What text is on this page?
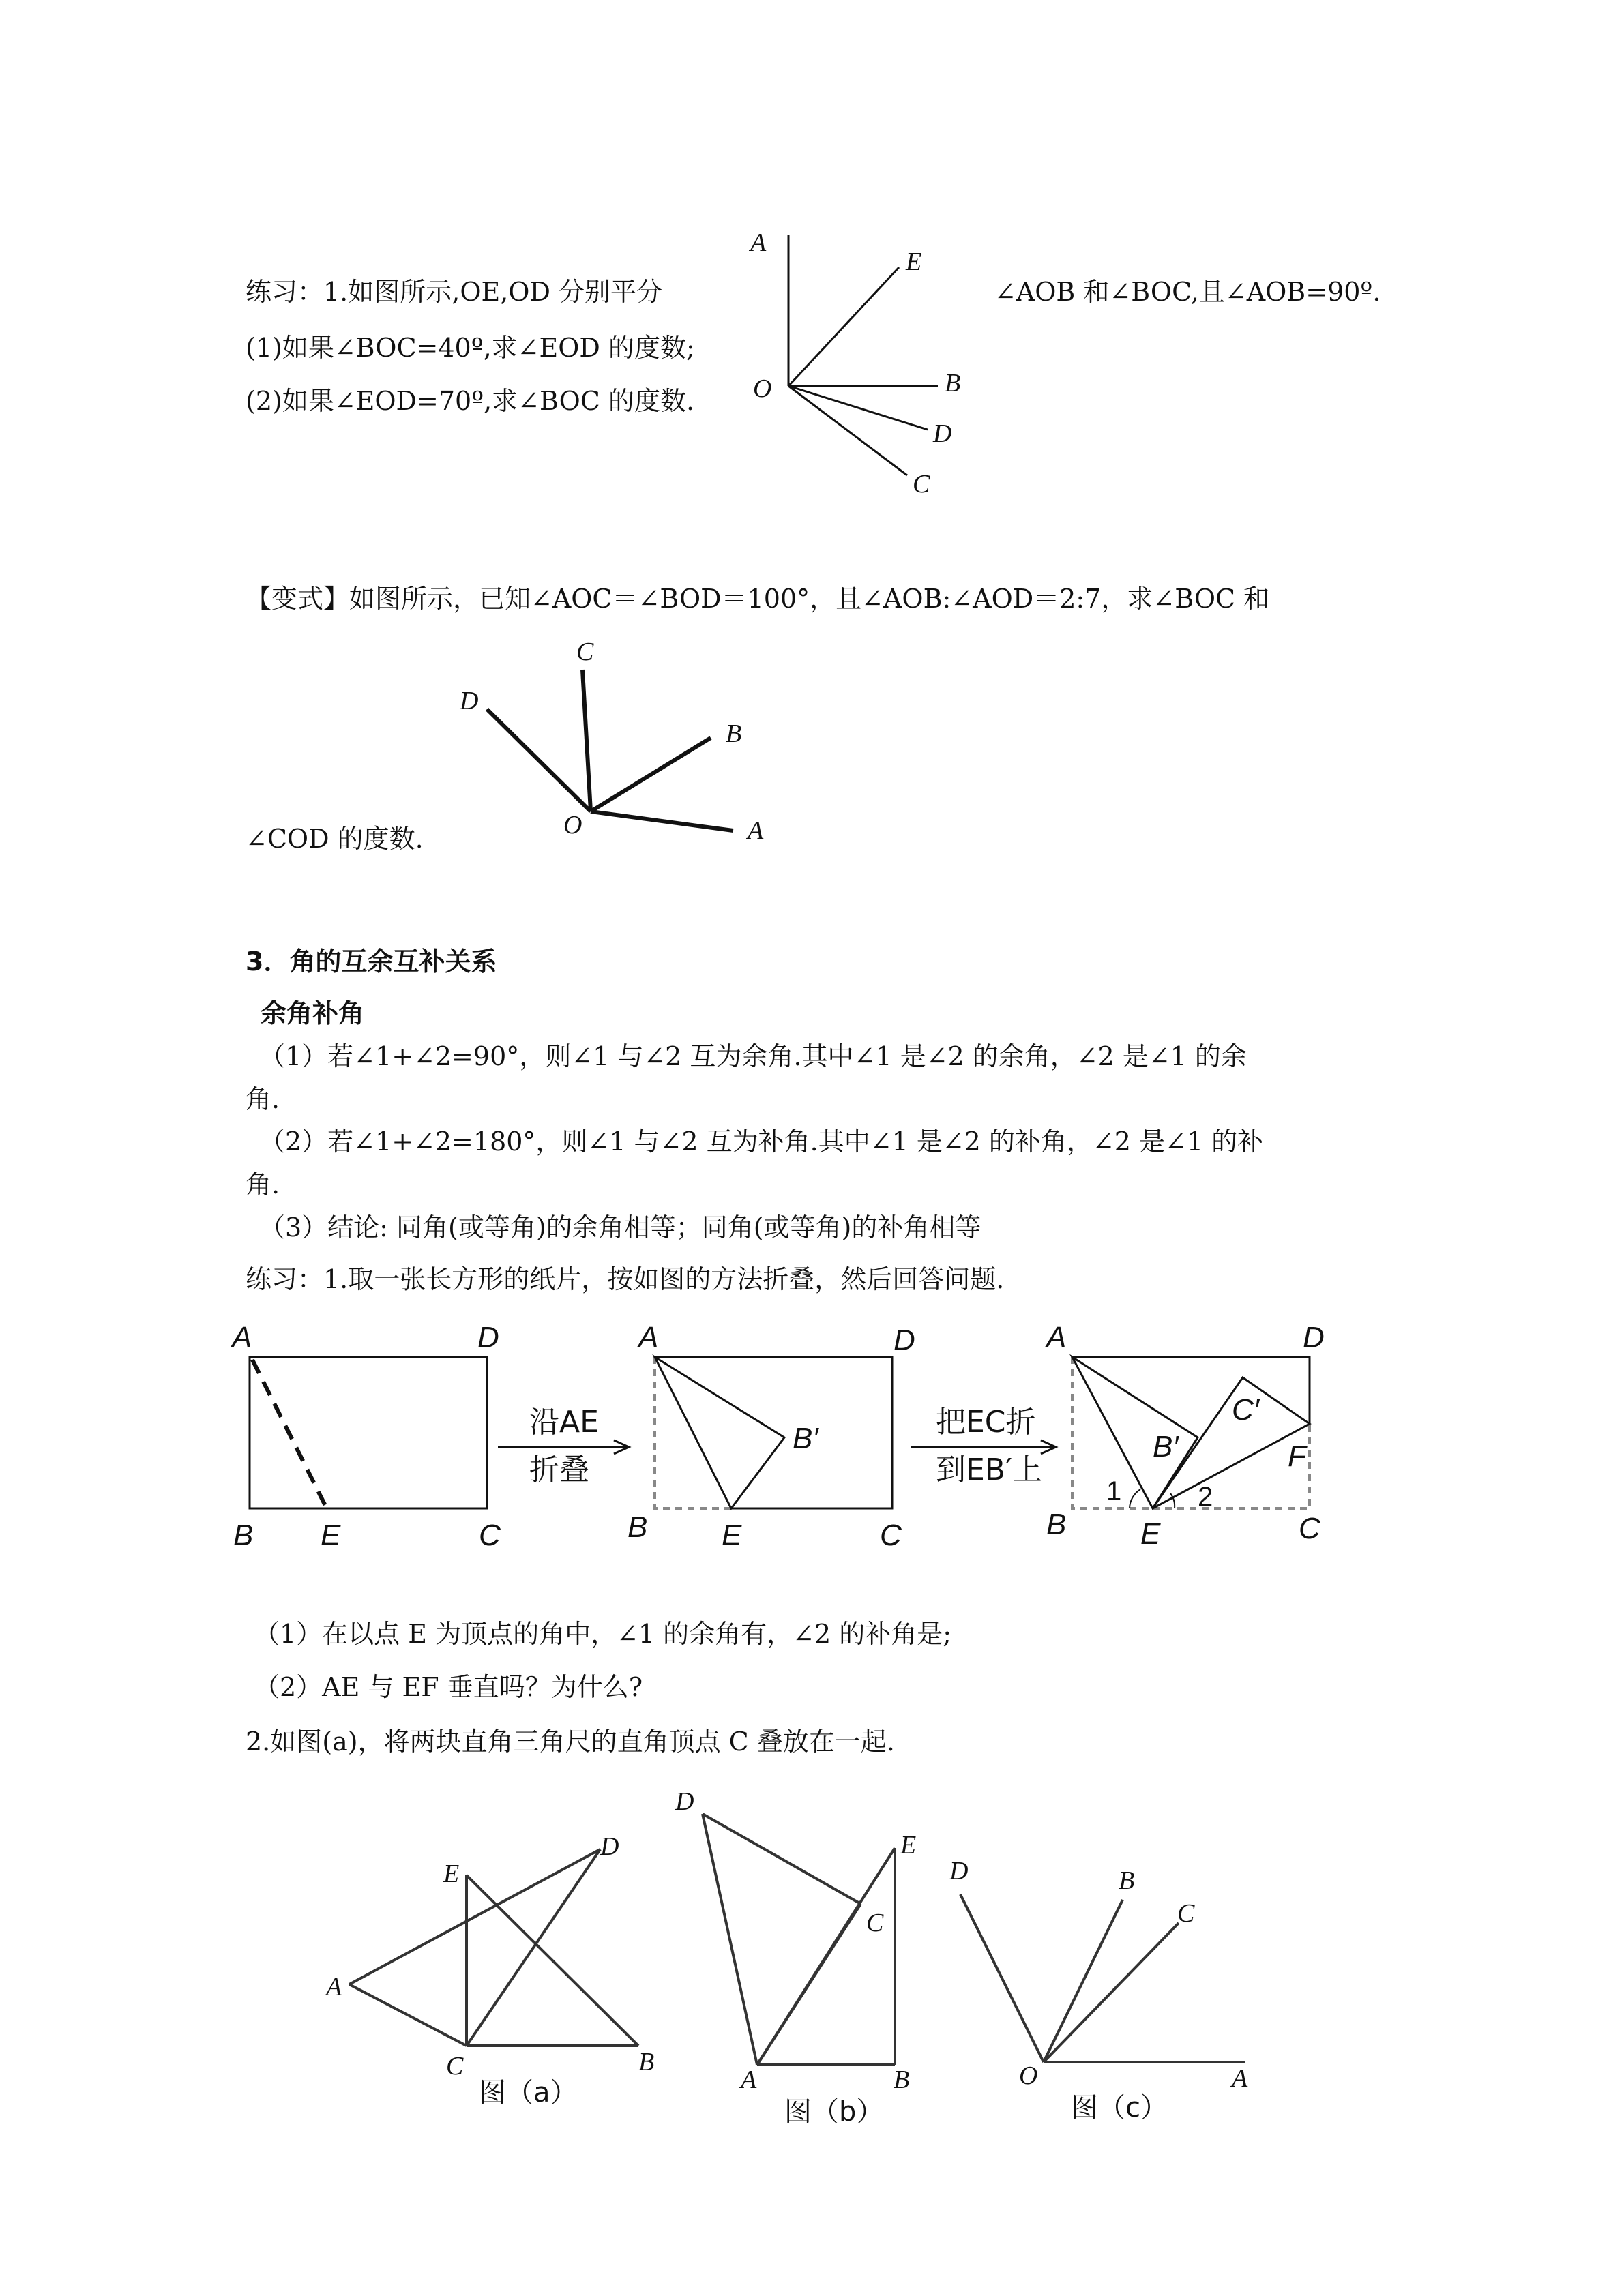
练习：1.如图所示,OE,OD 分别平分	∠AOB 和∠BOC,且∠AOB=90º.
(1)如果∠BOC=40º,求∠EOD 的度数;
(2)如果∠EOD=70º,求∠BOC 的度数.
A
E
O	B
D
C
【变式】如图所示，已知∠AOC＝∠BOD＝100°，且∠AOB:∠AOD＝2:7，求∠BOC 和
C
D
B
O	A
∠COD 的度数.
3．角的互余互补关系
余角补角
（1）若∠1+∠2=90°，则∠1 与∠2 互为余角.其中∠1 是∠2 的余角，∠2 是∠1 的余
角.
（2）若∠1+∠2=180°，则∠1 与∠2 互为补角.其中∠1 是∠2 的补角，∠2 是∠1 的补
角.
（3）结论: 同角(或等角)的余角相等；同角(或等角)的补角相等
练习：1.取一张长方形的纸片，按如图的方法折叠，然后回答问题.
A	D
B E	C
沿AE
折叠
A	D
B′
B E	C
把EC折
到EB′上
A	D
C′
B′	F
1	2
B E	C
（1）在以点 E 为顶点的角中，∠1 的余角有，∠2 的补角是;
（2）AE 与 EF 垂直吗？为什么?
2.如图(a)，将两块直角三角尺的直角顶点 C 叠放在一起.
D
E
A
C	B
图（a）
D
E
C
A	B
图（b）
D	B
C
O	A
图（c）
